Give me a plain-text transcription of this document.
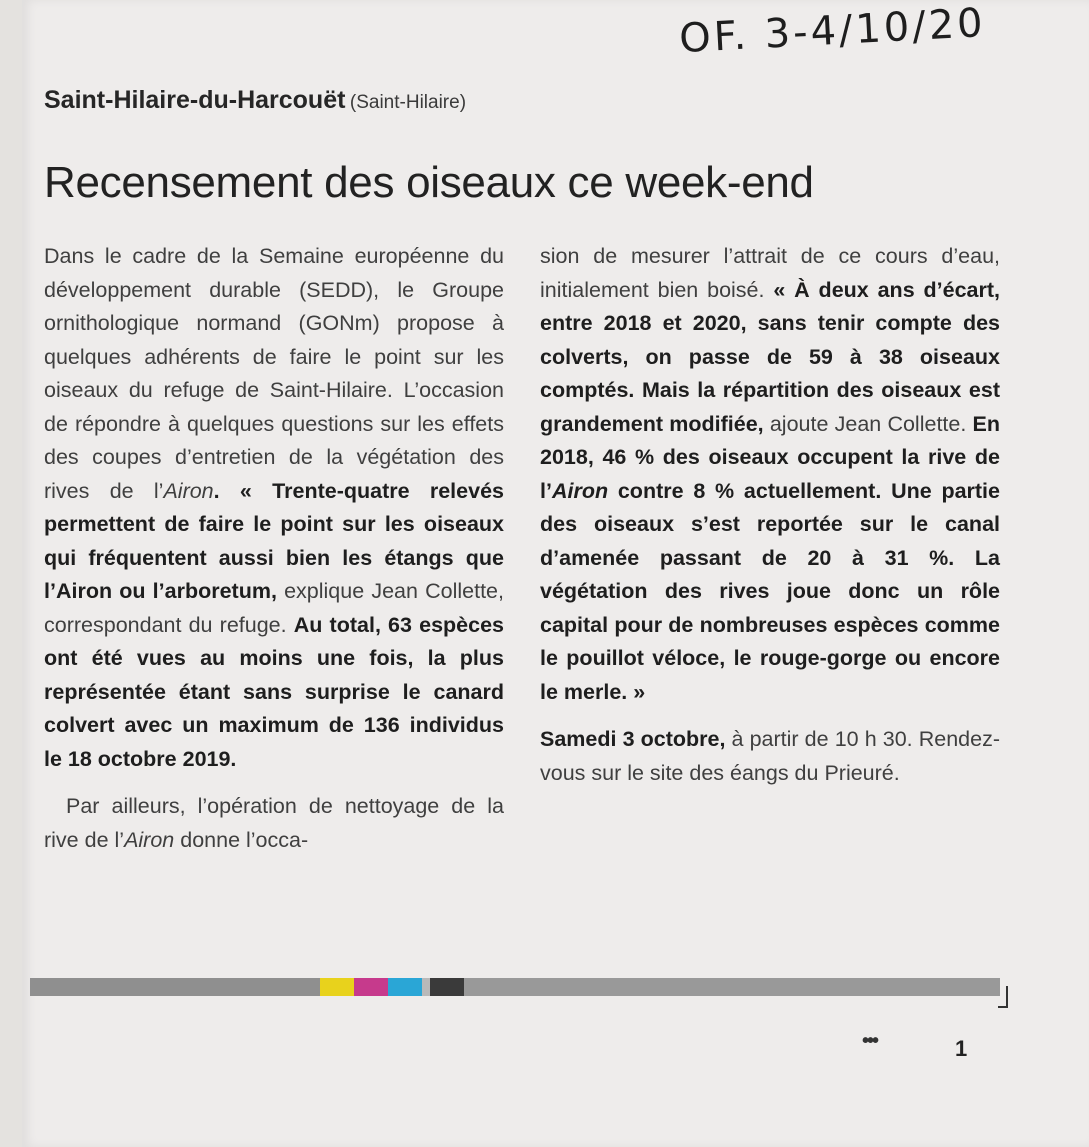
OF. 3-4/10/20
Saint-Hilaire-du-Harcouët (Saint-Hilaire)
Recensement des oiseaux ce week-end

Dans le cadre de la Semaine européenne du développement durable (SEDD), le Groupe ornithologique normand (GONm) propose à quelques adhérents de faire le point sur les oiseaux du refuge de Saint-Hilaire. L’occasion de répondre à quelques questions sur les effets des coupes d’entretien de la végétation des rives de l’Airon. « Trente-quatre relevés permettent de faire le point sur les oiseaux qui fréquentent aussi bien les étangs que l’Airon ou l’arboretum, explique Jean Collette, correspondant du refuge. Au total, 63 espèces ont été vues au moins une fois, la plus représentée étant sans surprise le canard colvert avec un maximum de 136 individus le 18 octobre 2019.

Par ailleurs, l’opération de nettoyage de la rive de l’Airon donne l’occa-

sion de mesurer l’attrait de ce cours d’eau, initialement bien boisé. « À deux ans d’écart, entre 2018 et 2020, sans tenir compte des colverts, on passe de 59 à 38 oiseaux comptés. Mais la répartition des oiseaux est grandement modifiée, ajoute Jean Collette. En 2018, 46 % des oiseaux occupent la rive de l’Airon contre 8 % actuellement. Une partie des oiseaux s’est reportée sur le canal d’amenée passant de 20 à 31 %. La végétation des rives joue donc un rôle capital pour de nombreuses espèces comme le pouillot véloce, le rouge-gorge ou encore le merle. »

Samedi 3 octobre, à partir de 10 h 30. Rendez-vous sur le site des éangs du Prieuré.

•••	1
